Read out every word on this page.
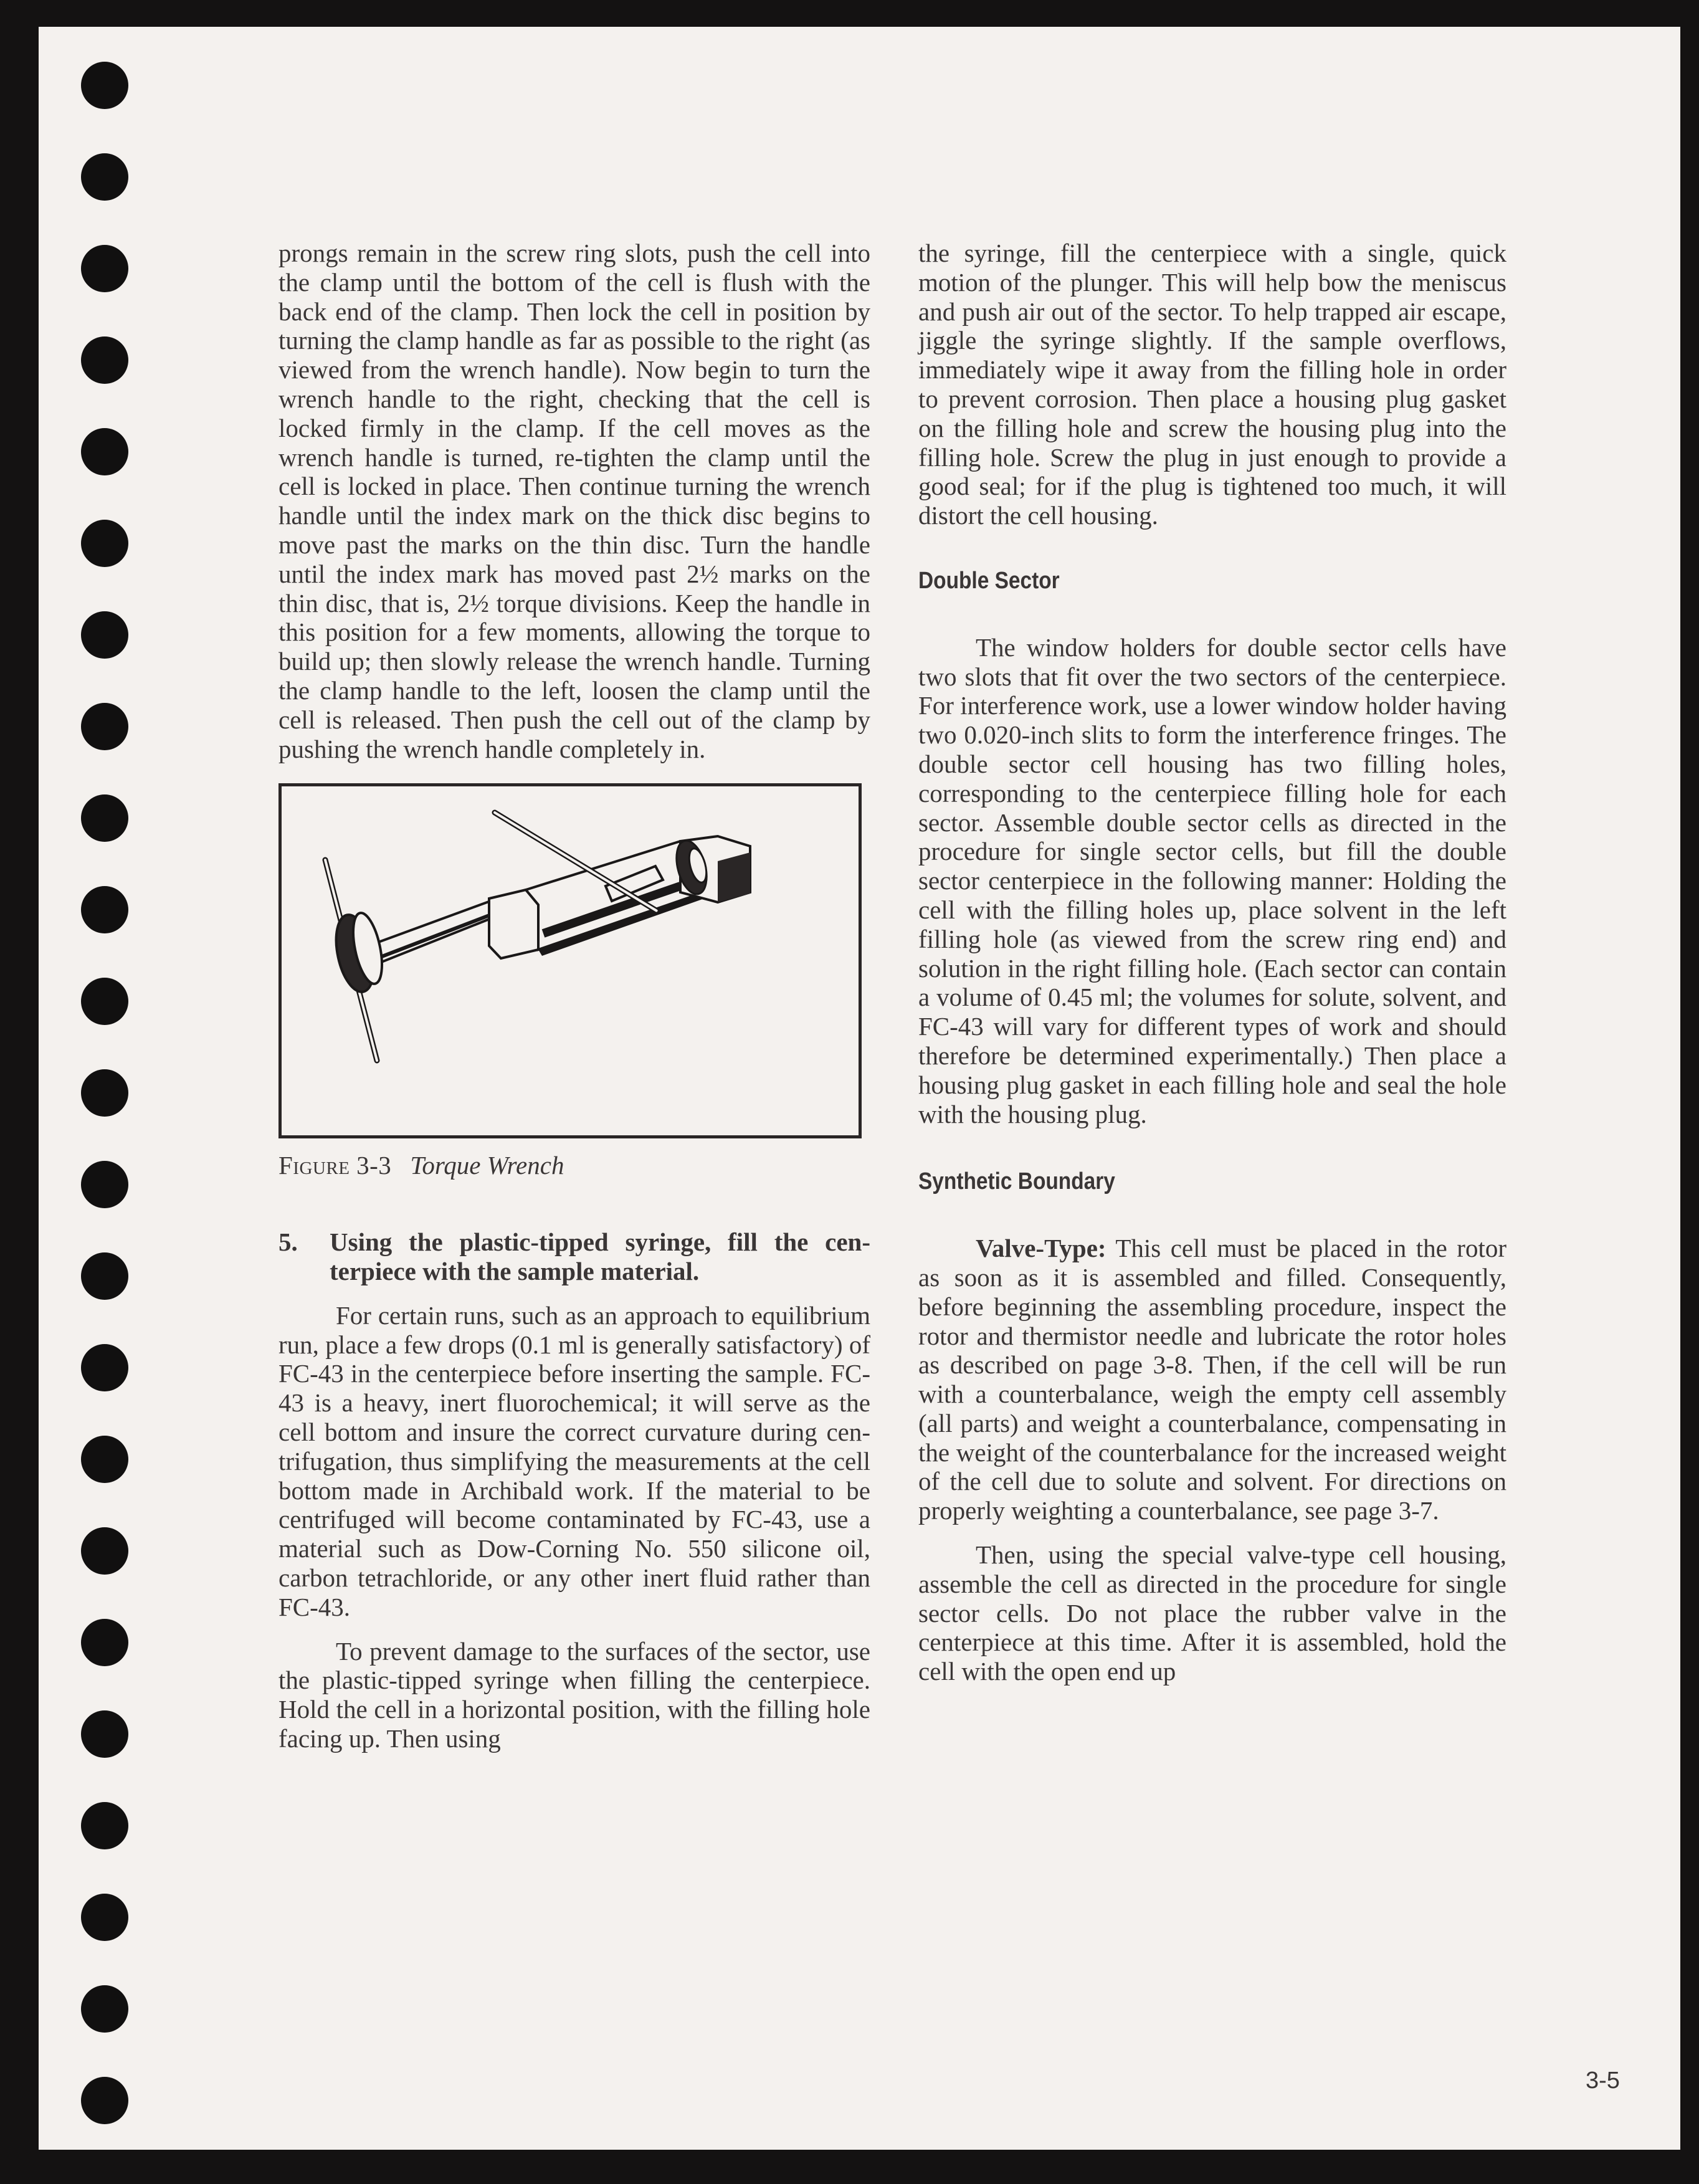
prongs remain in the screw ring slots, push the cell into the clamp until the bottom of the cell is flush with the back end of the clamp. Then lock the cell in position by turning the clamp handle as far as possible to the right (as viewed from the wrench handle). Now begin to turn the wrench handle to the right, checking that the cell is locked firmly in the clamp. If the cell moves as the wrench handle is turned, re-tighten the clamp until the cell is locked in place. Then continue turning the wrench handle until the index mark on the thick disc begins to move past the marks on the thin disc. Turn the handle until the index mark has moved past 2½ marks on the thin disc, that is, 2½ torque divisions. Keep the handle in this position for a few moments, allowing the torque to build up; then slowly release the wrench handle. Turning the clamp handle to the left, loosen the clamp until the cell is released. Then push the cell out of the clamp by pushing the wrench handle completely in.

Figure 3-3 Torque Wrench
5.	Using the plastic-tipped syringe, fill the centerpiece with the sample material.

For certain runs, such as an approach to equilibrium run, place a few drops (0.1 ml is generally satisfactory) of FC-43 in the centerpiece before inserting the sample. FC-43 is a heavy, inert fluorochemical; it will serve as the cell bottom and insure the correct curvature during centrifugation, thus simplifying the measurements at the cell bottom made in Archibald work. If the material to be centrifuged will become contaminated by FC-43, use a material such as Dow-Corning No. 550 silicone oil, carbon tetrachloride, or any other inert fluid rather than FC-43.

To prevent damage to the surfaces of the sector, use the plastic-tipped syringe when filling the centerpiece. Hold the cell in a horizontal position, with the filling hole facing up. Then using

the syringe, fill the centerpiece with a single, quick motion of the plunger. This will help bow the meniscus and push air out of the sector. To help trapped air escape, jiggle the syringe slightly. If the sample overflows, immediately wipe it away from the filling hole in order to prevent corrosion. Then place a housing plug gasket on the filling hole and screw the housing plug into the filling hole. Screw the plug in just enough to provide a good seal; for if the plug is tightened too much, it will distort the cell housing.

Double Sector

The window holders for double sector cells have two slots that fit over the two sectors of the centerpiece. For interference work, use a lower window holder having two 0.020-inch slits to form the interference fringes. The double sector cell housing has two filling holes, corresponding to the centerpiece filling hole for each sector. Assemble double sector cells as directed in the procedure for single sector cells, but fill the double sector centerpiece in the following manner: Holding the cell with the filling holes up, place solvent in the left filling hole (as viewed from the screw ring end) and solution in the right filling hole. (Each sector can contain a volume of 0.45 ml; the volumes for solute, solvent, and FC-43 will vary for different types of work and should therefore be determined experimentally.) Then place a housing plug gasket in each filling hole and seal the hole with the housing plug.

Synthetic Boundary

Valve-Type: This cell must be placed in the rotor as soon as it is assembled and filled. Consequently, before beginning the assembling procedure, inspect the rotor and thermistor needle and lubricate the rotor holes as described on page 3-8. Then, if the cell will be run with a counterbalance, weigh the empty cell assembly (all parts) and weight a counterbalance, compensating in the weight of the counterbalance for the increased weight of the cell due to solute and solvent. For directions on properly weighting a counterbalance, see page 3-7.

Then, using the special valve-type cell housing, assemble the cell as directed in the procedure for single sector cells. Do not place the rubber valve in the centerpiece at this time. After it is assembled, hold the cell with the open end up

3-5
